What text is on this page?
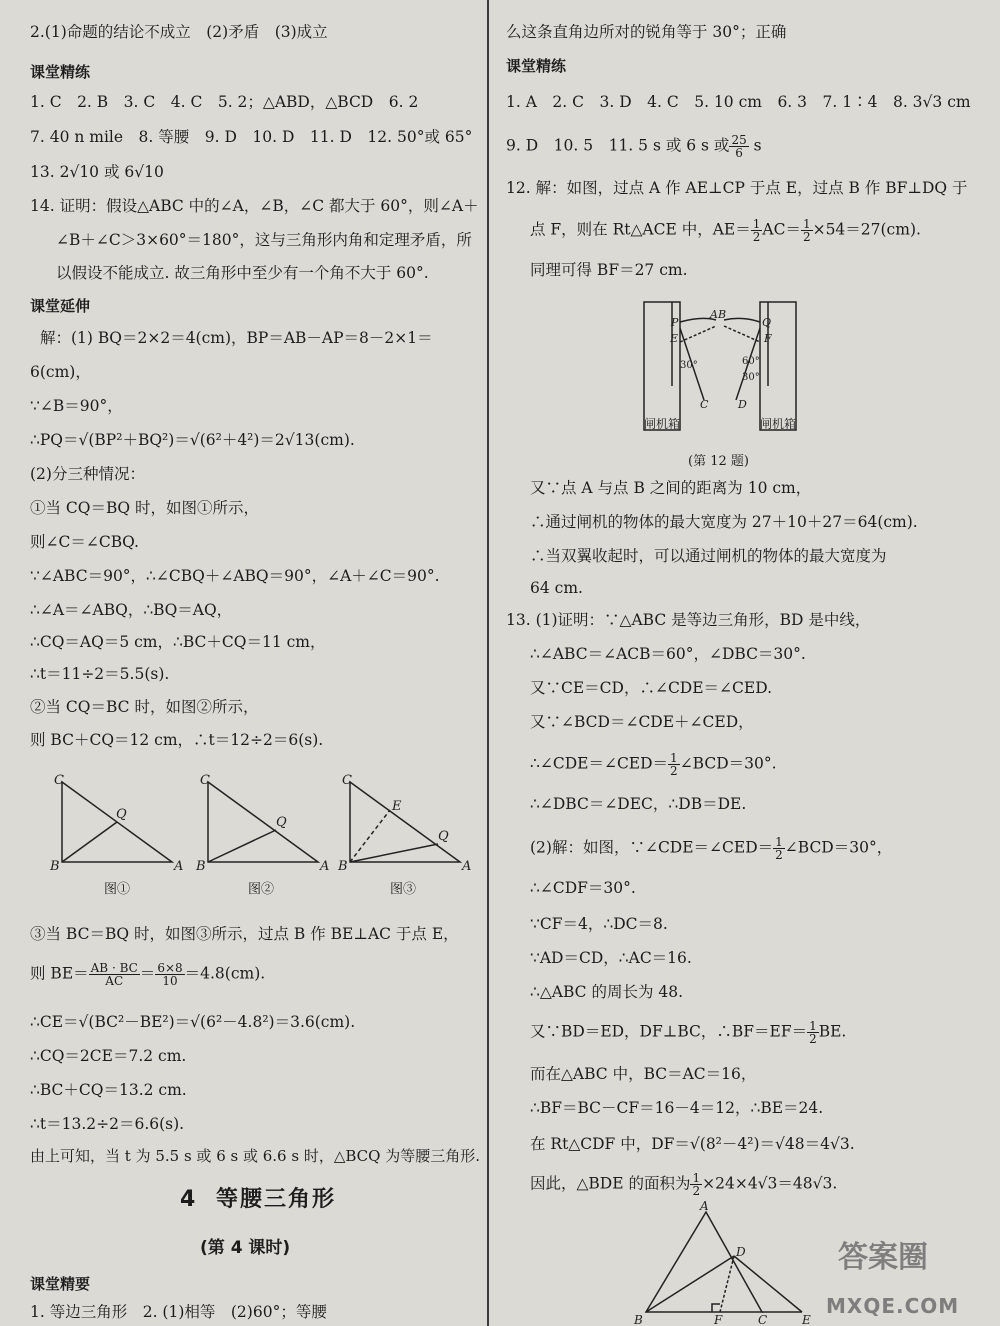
2.(1)命题的结论不成立　(2)矛盾　(3)成立
课堂精练
1. C　2. B　3. C　4. C　5. 2；△ABD，△BCD　6. 2
7. 40 n mile　8. 等腰　9. D　10. D　11. D　12. 50°或 65°
13. 2√10 或 6√10
14. 证明：假设△ABC 中的∠A，∠B，∠C 都大于 60°，则∠A＋
∠B＋∠C＞3×60°＝180°，这与三角形内角和定理矛盾，所
以假设不能成立. 故三角形中至少有一个角不大于 60°.
课堂延伸
解：(1) BQ＝2×2＝4(cm)，BP＝AB－AP＝8－2×1＝
6(cm)，
∵∠B＝90°，
∴PQ＝√(BP²＋BQ²)＝√(6²＋4²)＝2√13(cm).
(2)分三种情况：
①当 CQ＝BQ 时，如图①所示，
则∠C＝∠CBQ.
∵∠ABC＝90°，∴∠CBQ＋∠ABQ＝90°，∠A＋∠C＝90°.
∴∠A＝∠ABQ，∴BQ＝AQ，
∴CQ＝AQ＝5 cm，∴BC＋CQ＝11 cm，
∴t＝11÷2＝5.5(s).
②当 CQ＝BC 时，如图②所示，
则 BC＋CQ＝12 cm，∴t＝12÷2＝6(s).
C
B	A
Q
C
B	A
Q
C
B	A
E
Q
图①	图②	图③
③当 BC＝BQ 时，如图③所示，过点 B 作 BE⊥AC 于点 E，
则 $BE= \frac{AB \cdot BC}{AC} = \frac{6\times 8}{10} =4.8(cm)$.
∴CE＝√(BC²－BE²)＝√(6²－4.8²)＝3.6(cm).
∴CQ＝2CE＝7.2 cm.
∴BC＋CQ＝13.2 cm.
∴t＝13.2÷2＝6.6(s).
由上可知，当 t 为 5.5 s 或 6 s 或 6.6 s 时，△BCQ 为等腰三角形.
4 等腰三角形
(第 4 课时)
课堂精要
1. 等边三角形　2. (1)相等　(2)60°；等腰
么这条直角边所对的锐角等于 30°；正确
课堂精练
1. A　2. C　3. D　4. C　5. 10 cm　6. 3　7. 1∶4　8. 3√3 cm
9. D　10. 5　11. 5 s 或 6 s 或 $\frac{25}{6}$ s
12. 解：如图，过点 A 作 AE⊥CP 于点 E，过点 B 作 BF⊥DQ 于
点 F，则在 Rt△ACE 中，$AE= \frac{1}{2} AC= \frac{1}{2} \times 54=27(cm)$.
同理可得 BF＝27 cm.
P
E
AB
Q
F
C	D
30°	60°
30°
闸机箱	闸机箱
(第 12 题)
又∵点 A 与点 B 之间的距离为 10 cm，
∴通过闸机的物体的最大宽度为 27＋10＋27＝64(cm).
∴当双翼收起时，可以通过闸机的物体的最大宽度为
64 cm.
13. (1)证明：∵△ABC 是等边三角形，BD 是中线，
∴∠ABC＝∠ACB＝60°，∠DBC＝30°.
又∵CE＝CD，∴∠CDE＝∠CED.
又∵∠BCD＝∠CDE＋∠CED，
∴∠CDE＝∠CED＝ $\frac{1}{2}$ ∠BCD＝30°.
∴∠DBC＝∠DEC，∴DB＝DE.
(2)解：如图，∵∠CDE＝∠CED＝ $\frac{1}{2}$ ∠BCD＝30°，
∴∠CDF＝30°.
∵CF＝4，∴DC＝8.
∵AD＝CD，∴AC＝16.
∴△ABC 的周长为 48.
又∵BD＝ED，DF⊥BC，∴BF＝EF＝ $\frac{1}{2}$ BE.
而在△ABC 中，BC＝AC＝16，
∴BF＝BC－CF＝16－4＝12，∴BE＝24.
在 Rt△CDF 中，DF＝√(8²－4²)＝√48＝4√3.
因此，△BDE 的面积为 $\frac{1}{2} \times 24\times 4√3=48√3$.
A
D
B	F	C	E
答案圈
MXQE.COM
